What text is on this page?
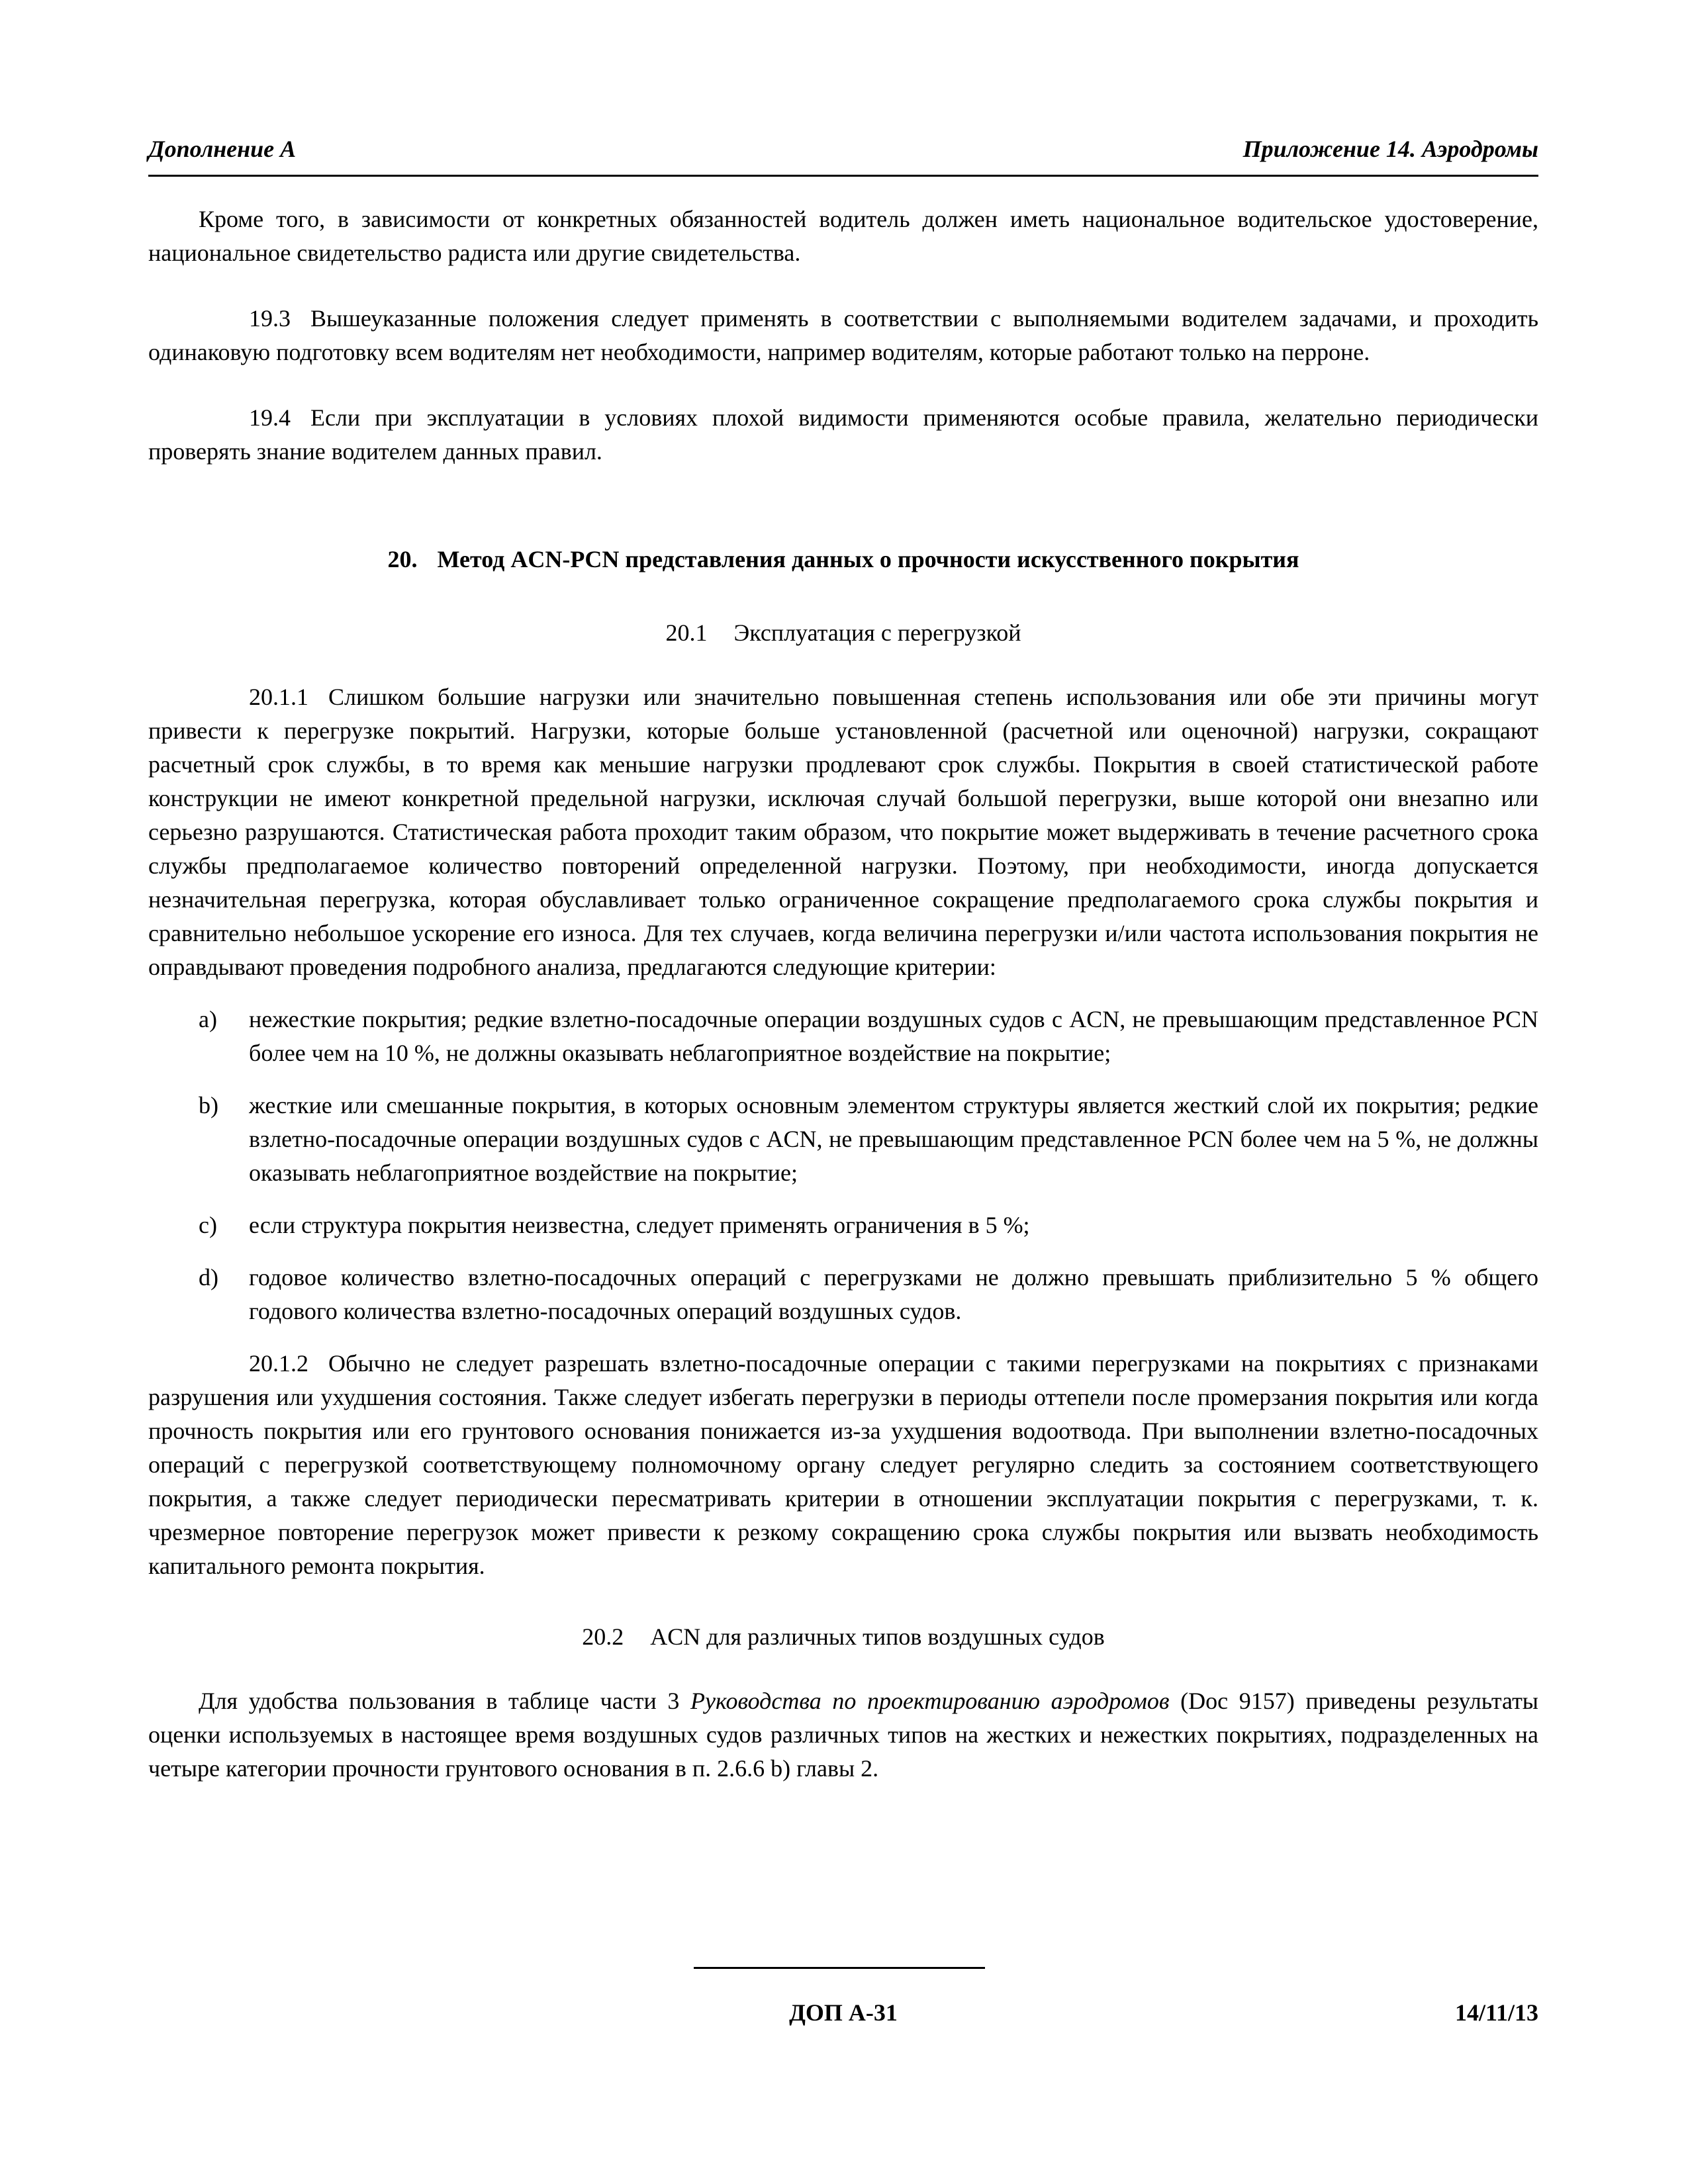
Дополнение A	Приложение 14. Аэродромы

Кроме того, в зависимости от конкретных обязанностей водитель должен иметь национальное водительское удостоверение, национальное свидетельство радиста или другие свидетельства.

19.3 Вышеуказанные положения следует применять в соответствии с выполняемыми водителем задачами, и проходить одинаковую подготовку всем водителям нет необходимости, например водителям, которые работают только на перроне.

19.4 Если при эксплуатации в условиях плохой видимости применяются особые правила, желательно периодически проверять знание водителем данных правил.

20. Метод ACN-PCN представления данных о прочности искусственного покрытия
20.1 Эксплуатация с перегрузкой

20.1.1 Слишком большие нагрузки или значительно повышенная степень использования или обе эти причины могут привести к перегрузке покрытий. Нагрузки, которые больше установленной (расчетной или оценочной) нагрузки, сокращают расчетный срок службы, в то время как меньшие нагрузки продлевают срок службы. Покрытия в своей статистической работе конструкции не имеют конкретной предельной нагрузки, исключая случай большой перегрузки, выше которой они внезапно или серьезно разрушаются. Статистическая работа проходит таким образом, что покрытие может выдерживать в течение расчетного срока службы предполагаемое количество повторений определенной нагрузки. Поэтому, при необходимости, иногда допускается незначительная перегрузка, которая обуславливает только ограниченное сокращение предполагаемого срока службы покрытия и сравнительно небольшое ускорение его износа. Для тех случаев, когда величина перегрузки и/или частота использования покрытия не оправдывают проведения подробного анализа, предлагаются следующие критерии:

a)	нежесткие покрытия; редкие взлетно-посадочные операции воздушных судов с ACN, не превышающим представленное PCN более чем на 10 %, не должны оказывать неблагоприятное воздействие на покрытие;
b)	жесткие или смешанные покрытия, в которых основным элементом структуры является жесткий слой их покрытия; редкие взлетно-посадочные операции воздушных судов с ACN, не превышающим представленное PCN более чем на 5 %, не должны оказывать неблагоприятное воздействие на покрытие;
c)	если структура покрытия неизвестна, следует применять ограничения в 5 %;
d)	годовое количество взлетно-посадочных операций с перегрузками не должно превышать приблизительно 5 % общего годового количества взлетно-посадочных операций воздушных судов.

20.1.2 Обычно не следует разрешать взлетно-посадочные операции с такими перегрузками на покрытиях с признаками разрушения или ухудшения состояния. Также следует избегать перегрузки в периоды оттепели после промерзания покрытия или когда прочность покрытия или его грунтового основания понижается из-за ухудшения водоотвода. При выполнении взлетно-посадочных операций с перегрузкой соответствующему полномочному органу следует регулярно следить за состоянием соответствующего покрытия, а также следует периодически пересматривать критерии в отношении эксплуатации покрытия с перегрузками, т. к. чрезмерное повторение перегрузок может привести к резкому сокращению срока службы покрытия или вызвать необходимость капитального ремонта покрытия.

20.2 ACN для различных типов воздушных судов

Для удобства пользования в таблице части 3 Руководства по проектированию аэродромов (Doc 9157) приведены результаты оценки используемых в настоящее время воздушных судов различных типов на жестких и нежестких покрытиях, подразделенных на четыре категории прочности грунтового основания в п. 2.6.6 b) главы 2.

ДОП A-31	14/11/13
